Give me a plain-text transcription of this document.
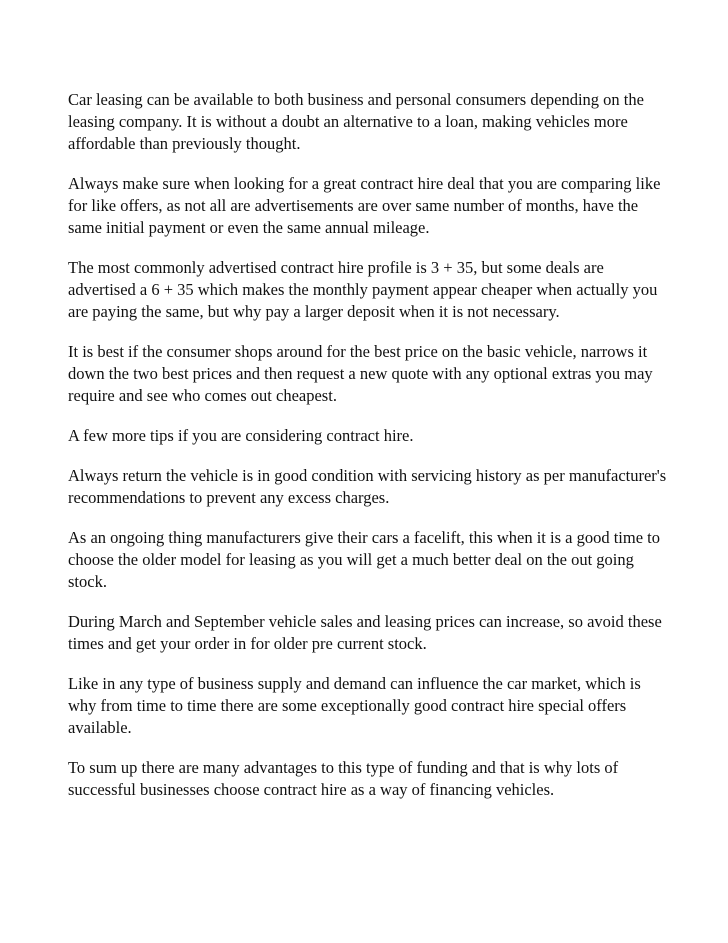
Car leasing can be available to both business and personal consumers depending on the leasing company. It is without a doubt an alternative to a loan, making vehicles more affordable than previously thought.

Always make sure when looking for a great contract hire deal that you are comparing like for like offers, as not all are advertisements are over same number of months, have the same initial payment or even the same annual mileage.

The most commonly advertised contract hire profile is 3 + 35, but some deals are advertised a 6 + 35 which makes the monthly payment appear cheaper when actually you are paying the same, but why pay a larger deposit when it is not necessary.

It is best if the consumer shops around for the best price on the basic vehicle, narrows it down the two best prices and then request a new quote with any optional extras you may require and see who comes out cheapest.

A few more tips if you are considering contract hire.

Always return the vehicle is in good condition with servicing history as per manufacturer's recommendations to prevent any excess charges.

As an ongoing thing manufacturers give their cars a facelift, this when it is a good time to choose the older model for leasing as you will get a much better deal on the out going stock.

During March and September vehicle sales and leasing prices can increase, so avoid these times and get your order in for older pre current stock.

Like in any type of business supply and demand can influence the car market, which is why from time to time there are some exceptionally good contract hire special offers available.

To sum up there are many advantages to this type of funding and that is why lots of successful businesses choose contract hire as a way of financing vehicles.
